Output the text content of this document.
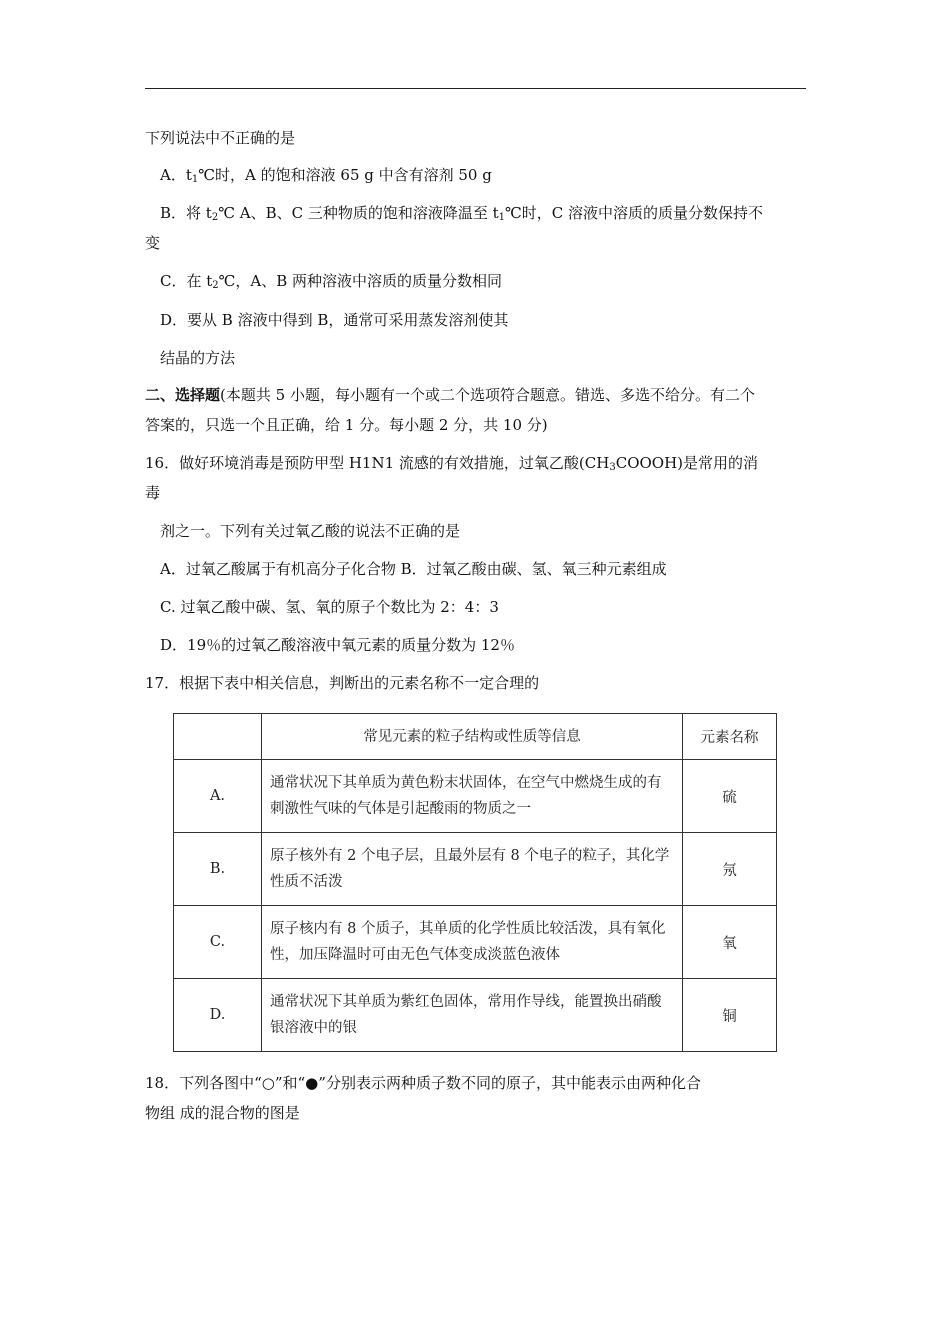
下列说法中不正确的是
A．$t_1℃$时，A 的饱和溶液 65 g 中含有溶剂 50 g
B．将 $t_2℃$ A、B、C 三种物质的饱和溶液降温至 $t_1℃$时，C 溶液中溶质的质量分数保持不
变
C．在 $t_2℃$，A、B 两种溶液中溶质的质量分数相同
D．要从 B 溶液中得到 B，通常可采用蒸发溶剂使其
结晶的方法
二、选择题(本题共 5 小题，每小题有一个或二个选项符合题意。错选、多选不给分。有二个
答案的，只选一个且正确，给 1 分。每小题 2 分，共 10 分)
16．做好环境消毒是预防甲型 H1N1 流感的有效措施，过氧乙酸$(CH_3COOOH)$是常用的消
毒
剂之一。下列有关过氧乙酸的说法不正确的是
A．过氧乙酸属于有机高分子化合物 B．过氧乙酸由碳、氢、氧三种元素组成
C. 过氧乙酸中碳、氢、氧的原子个数比为 2：4：3
D．19％的过氧乙酸溶液中氧元素的质量分数为 12％
17．根据下表中相关信息，判断出的元素名称不一定合理的
	常见元素的粒子结构或性质等信息	元素名称
A.	通常状况下其单质为黄色粉末状固体，在空气中燃烧生成的有刺激性气味的气体是引起酸雨的物质之一	硫
B.	原子核外有 2 个电子层，且最外层有 8 个电子的粒子，其化学性质不活泼	氖
C.	原子核内有 8 个质子，其单质的化学性质比较活泼，具有氧化性，加压降温时可由无色气体变成淡蓝色液体	氧
D.	通常状况下其单质为紫红色固体，常用作导线，能置换出硝酸银溶液中的银	铜
18．下列各图中“○”和“●”分别表示两种质子数不同的原子，其中能表示由两种化合
物组 成的混合物的图是
